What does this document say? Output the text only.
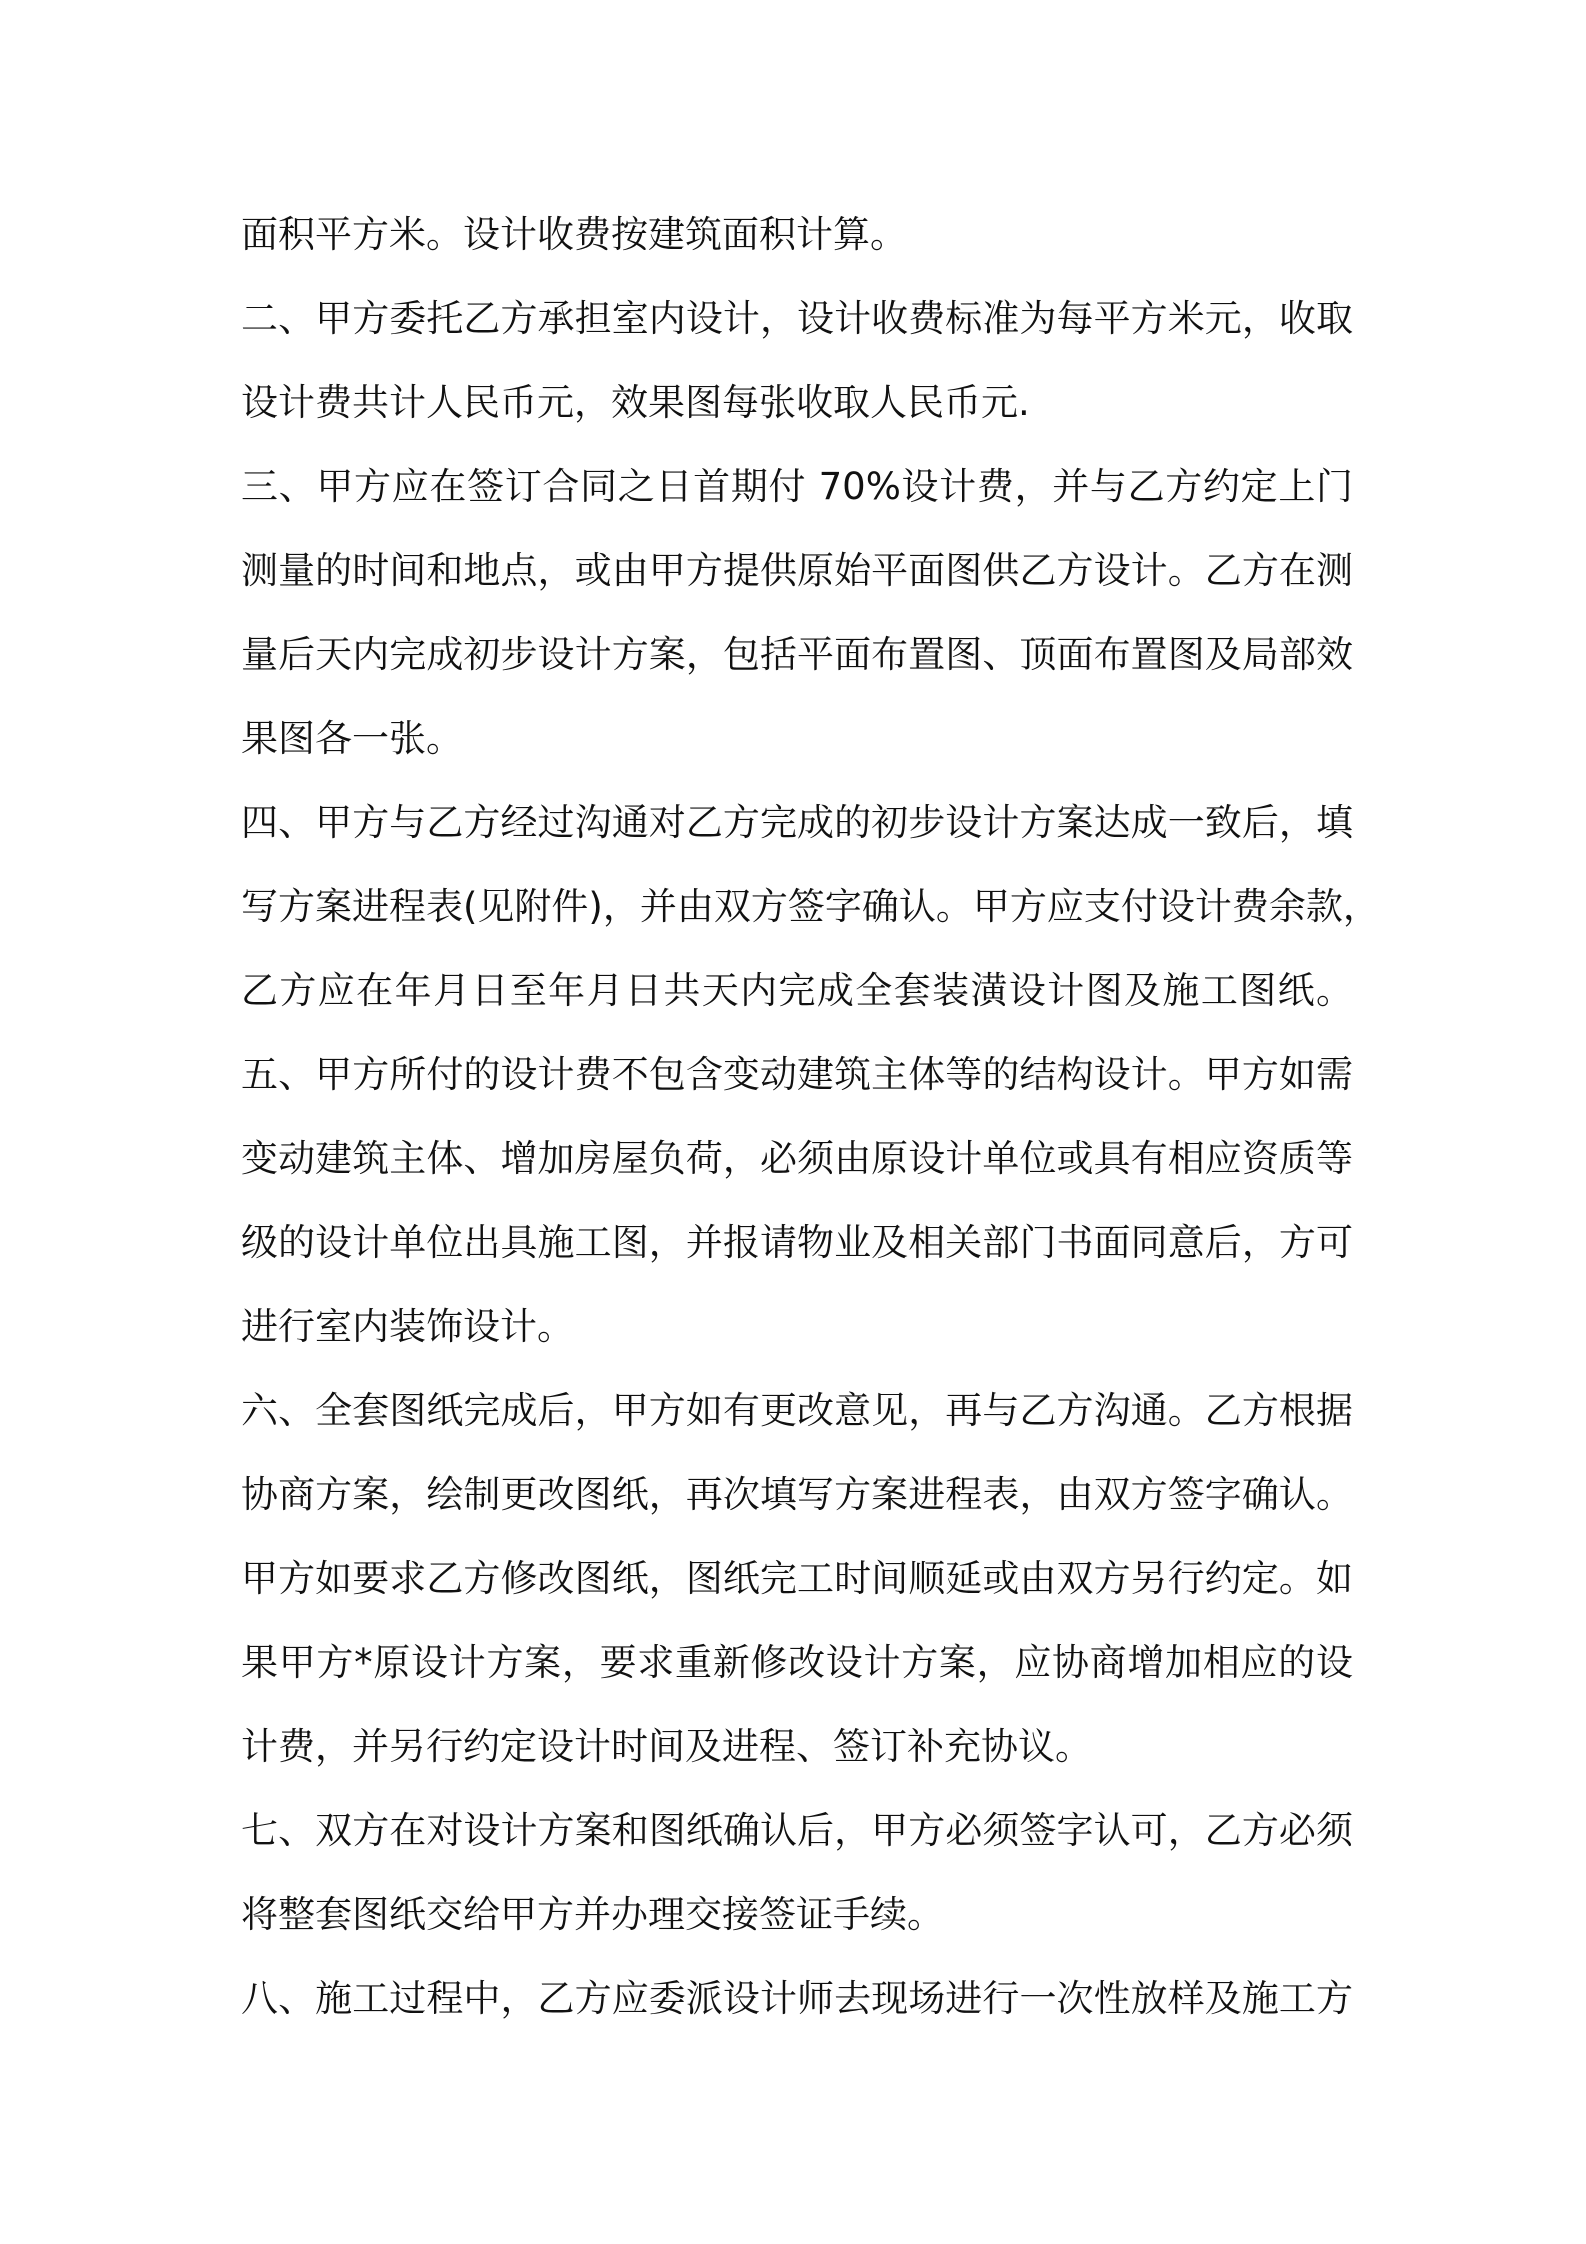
面积平方米。设计收费按建筑面积计算。
二、甲方委托乙方承担室内设计，设计收费标准为每平方米元，收取
设计费共计人民币元，效果图每张收取人民币元.
三、甲方应在签订合同之日首期付 70%设计费，并与乙方约定上门
测量的时间和地点，或由甲方提供原始平面图供乙方设计。乙方在测
量后天内完成初步设计方案，包括平面布置图、顶面布置图及局部效
果图各一张。
四、甲方与乙方经过沟通对乙方完成的初步设计方案达成一致后，填
写方案进程表(见附件)，并由双方签字确认。甲方应支付设计费余款，
乙方应在年月日至年月日共天内完成全套装潢设计图及施工图纸。
五、甲方所付的设计费不包含变动建筑主体等的结构设计。甲方如需
变动建筑主体、增加房屋负荷，必须由原设计单位或具有相应资质等
级的设计单位出具施工图，并报请物业及相关部门书面同意后，方可
进行室内装饰设计。
六、全套图纸完成后，甲方如有更改意见，再与乙方沟通。乙方根据
协商方案，绘制更改图纸，再次填写方案进程表，由双方签字确认。
甲方如要求乙方修改图纸，图纸完工时间顺延或由双方另行约定。如
果甲方*原设计方案，要求重新修改设计方案，应协商增加相应的设
计费，并另行约定设计时间及进程、签订补充协议。
七、双方在对设计方案和图纸确认后，甲方必须签字认可，乙方必须
将整套图纸交给甲方并办理交接签证手续。
八、施工过程中，乙方应委派设计师去现场进行一次性放样及施工方
